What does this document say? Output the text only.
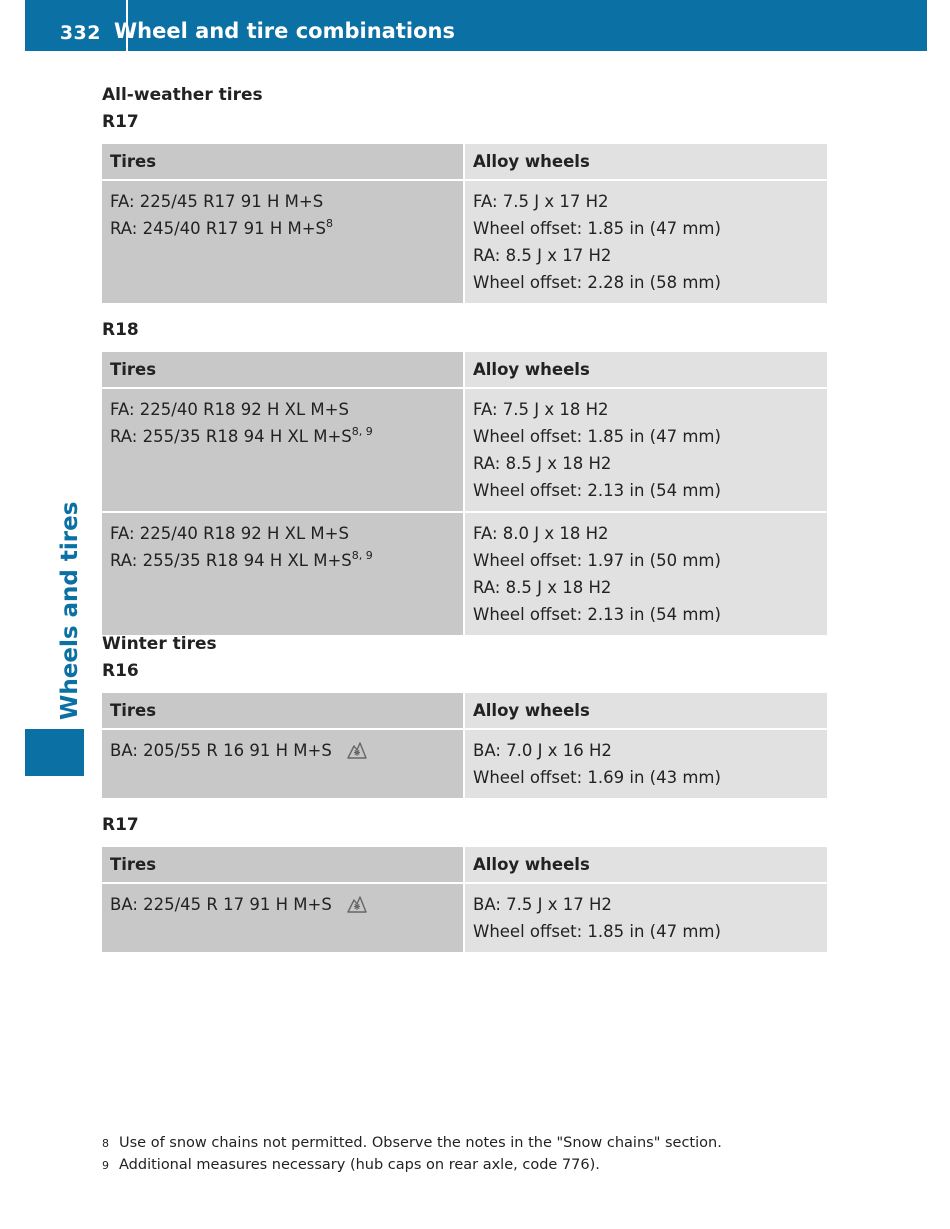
332 Wheel and tire combinations
Wheels and tires
All-weather tires
R17
Tires	Alloy wheels

FA: 225/45 R17 91 H M+S
RA: 245/40 R17 91 H $M+S^8$	FA: 7.5 J x 17 H2
Wheel offset: 1.85 in (47 mm)
RA: 8.5 J x 17 H2
Wheel offset: 2.28 in (58 mm)
R18
Tires	Alloy wheels

FA: 225/40 R18 92 H XL M+S
RA: 255/35 R18 94 H XL $M+S^{8, 9}$	FA: 7.5 J x 18 H2
Wheel offset: 1.85 in (47 mm)
RA: 8.5 J x 18 H2
Wheel offset: 2.13 in (54 mm)

FA: 225/40 R18 92 H XL M+S
RA: 255/35 R18 94 H XL $M+S^{8, 9}$	FA: 8.0 J x 18 H2
Wheel offset: 1.97 in (50 mm)
RA: 8.5 J x 18 H2
Wheel offset: 2.13 in (54 mm)
Winter tires
R16
Tires	Alloy wheels

BA: 205/55 R 16 91 H M+S	BA: 7.0 J x 16 H2
Wheel offset: 1.69 in (43 mm)
R17
Tires	Alloy wheels

BA: 225/45 R 17 91 H M+S	BA: 7.5 J x 17 H2
Wheel offset: 1.85 in (47 mm)
8 Use of snow chains not permitted. Observe the notes in the "Snow chains" section.
9 Additional measures necessary (hub caps on rear axle, code 776).
